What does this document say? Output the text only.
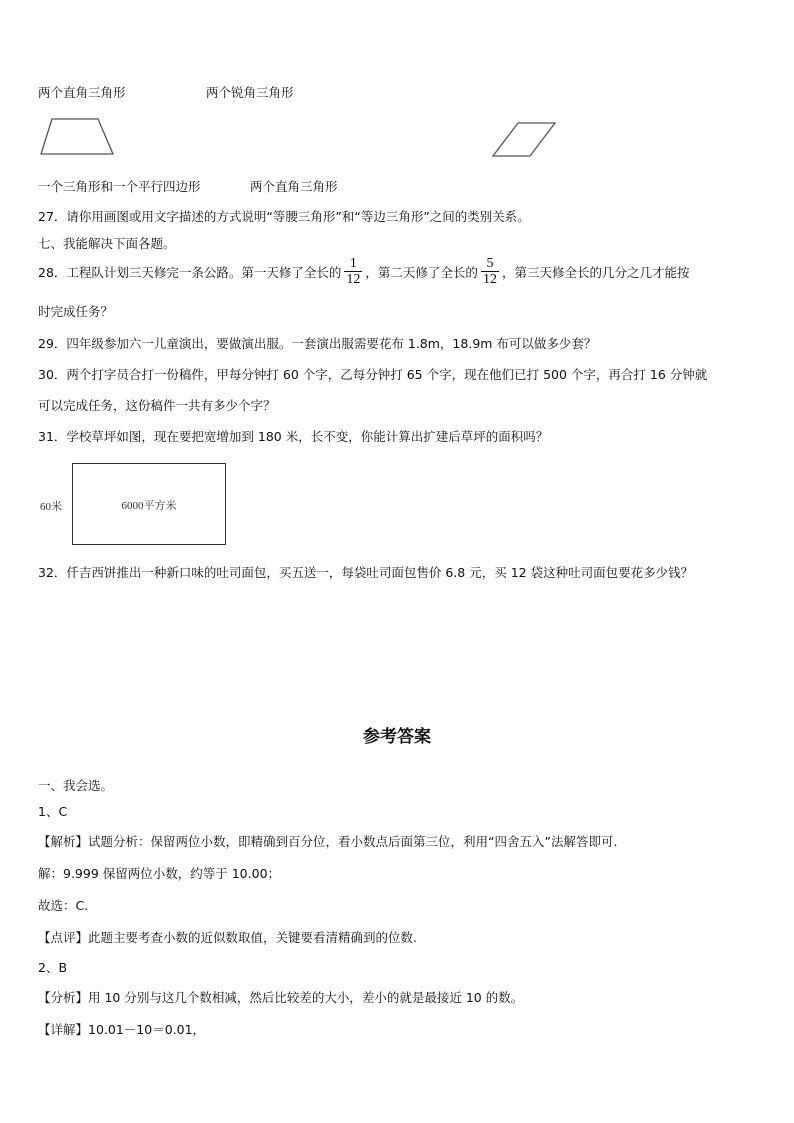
两个直角三角形	两个锐角三角形
一个三角形和一个平行四边形	两个直角三角形
27．请你用画图或用文字描述的方式说明“等腰三角形”和“等边三角形”之间的类别关系。
七、我能解决下面各题。
28．工程队计划三天修完一条公路。第一天修了全长的 $\frac{1}{12}$ ，第二天修了全长的 $\frac{5}{12}$ ，第三天修全长的几分之几才能按
时完成任务？
29．四年级参加六一儿童演出，要做演出服。一套演出服需要花布 1.8m，18.9m 布可以做多少套？
30．两个打字员合打一份稿件，甲每分钟打 60 个字，乙每分钟打 65 个字，现在他们已打 500 个字，再合打 16 分钟就
可以完成任务，这份稿件一共有多少个字？
31．学校草坪如图，现在要把宽增加到 180 米，长不变，你能计算出扩建后草坪的面积吗？
60米	6000平方米
32．仟吉西饼推出一种新口味的吐司面包，买五送一，每袋吐司面包售价 6.8 元，买 12 袋这种吐司面包要花多少钱？
参考答案
一、我会选。
1、C
【解析】试题分析：保留两位小数，即精确到百分位，看小数点后面第三位，利用“四舍五入”法解答即可.
解：9.999 保留两位小数，约等于 10.00；
故选：C.
【点评】此题主要考查小数的近似数取值，关键要看清精确到的位数.
2、B
【分析】用 10 分别与这几个数相减，然后比较差的大小，差小的就是最接近 10 的数。
【详解】10.01－10＝0.01，
